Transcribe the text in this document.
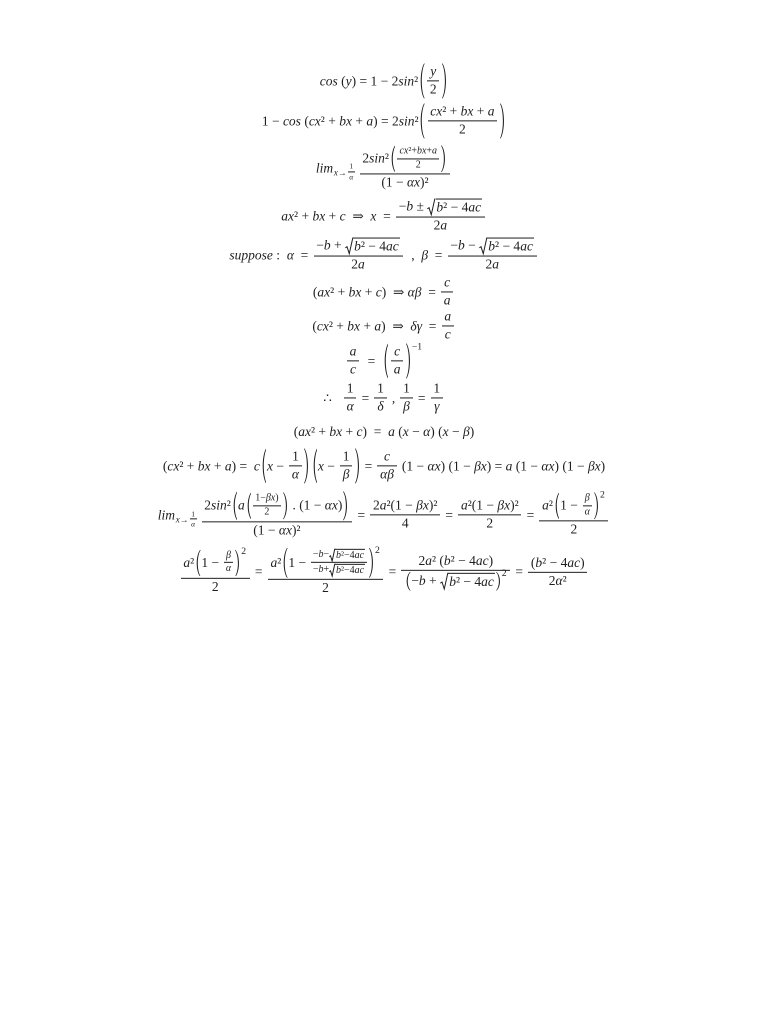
$\cos (y) = 1 - 2\sin^2 \frac{y}{2}$
1 − cos (cx² + bx + $a) = 2\sin^2 \frac{\text{cx² + bx + a}}{2}$
$\lim x\to \frac{1}{\alpha} \frac{2\sin^2 \frac{\text{cx²+bx+a}}{2}}{\text{(1 − αx)²}}$
ax² + bx + c  ⇒  $x = \frac{\text{−b ± b² − 4ac}}{2a}$
suppose :  $\alpha = \frac{\text{−b + b² − 4ac}}{2a}$ ,  $\beta = \frac{\text{−b − b² − 4ac}}{2a}$
(ax² + bx + c)  ⇒ $\alpha\beta = \frac{c}{a}$
(cx² + bx + a)  ⇒  $\delta\gamma = \frac{a}{c}$
$\frac{a}{c} = \frac{c}{a} -1$
∴ $\frac{1}{\alpha} = \frac{1}{\delta}$ , $\frac{1}{\beta} = \frac{1}{\gamma}$
(ax² + bx + c)  =  a (x − α) (x − β)
(cx² + bx + a) =  c $x - \frac{1}{\alpha}$ $x - \frac{1}{\beta} = \frac{c}{\alpha\beta} (1 - \alpha x) (1 - \beta x) = a$ (1 − αx) (1 − βx)
$\lim x\to \frac{1}{\alpha} \frac{2\sin^2 a \frac{1-\beta x)}{2} . (1 - \alpha x)}{\text{(1 − αx)²}} = \frac{\text{2a²(1 − βx)²}}{4} = \frac{\text{a²(1 − βx)²}}{2} = \frac{a^2 1 - \frac{\beta}{\alpha} 2}{2}$
$\frac{a^2 1 - \frac{\beta}{\alpha} 2}{2} = \frac{a^2 1 - \frac{\text{−b− b²−4ac}}{\text{−b+ b²−4ac}} 2}{2} = \frac{\text{2a² (b² − 4ac)}}{\text{−b + b² − 4ac 2}} = \frac{\text{(b² − 4ac)}}{\text{2α²}}$
